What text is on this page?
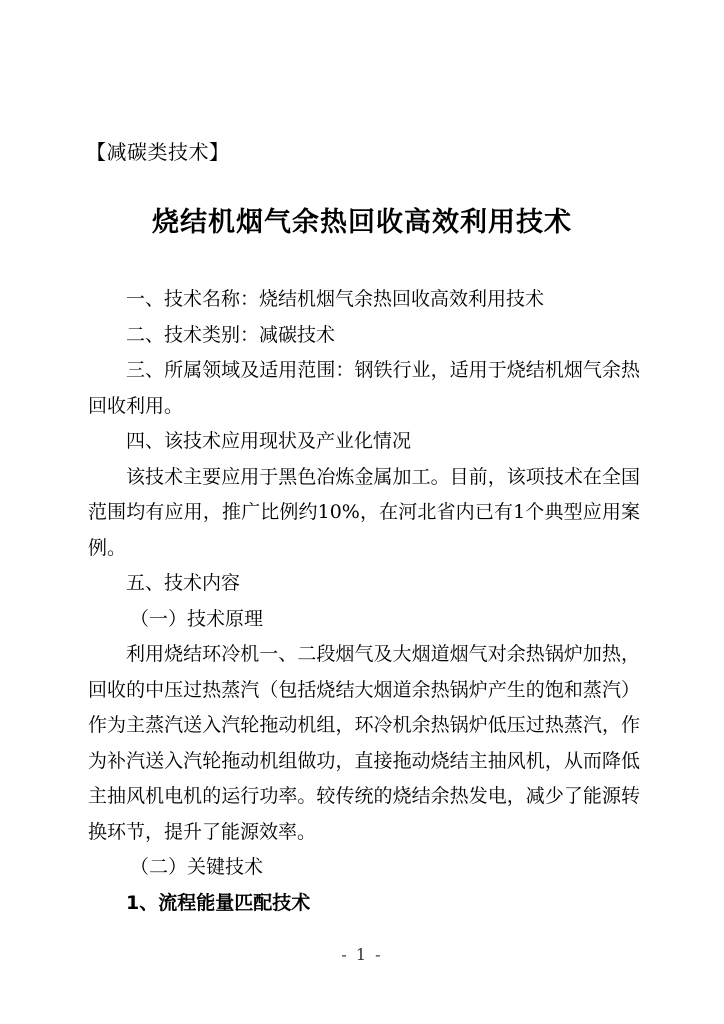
【减碳类技术】
烧结机烟气余热回收高效利用技术

一、技术名称：烧结机烟气余热回收高效利用技术

二、技术类别：减碳技术

三、所属领域及适用范围：钢铁行业，适用于烧结机烟气余热回收利用。

四、该技术应用现状及产业化情况

该技术主要应用于黑色冶炼金属加工。目前，该项技术在全国范围均有应用，推广比例约10%，在河北省内已有1个典型应用案例。

五、技术内容

（一）技术原理

利用烧结环冷机一、二段烟气及大烟道烟气对余热锅炉加热，回收的中压过热蒸汽（包括烧结大烟道余热锅炉产生的饱和蒸汽）作为主蒸汽送入汽轮拖动机组，环冷机余热锅炉低压过热蒸汽，作为补汽送入汽轮拖动机组做功，直接拖动烧结主抽风机，从而降低主抽风机电机的运行功率。较传统的烧结余热发电，减少了能源转换环节，提升了能源效率。

（二）关键技术

1、流程能量匹配技术

- 1 -
